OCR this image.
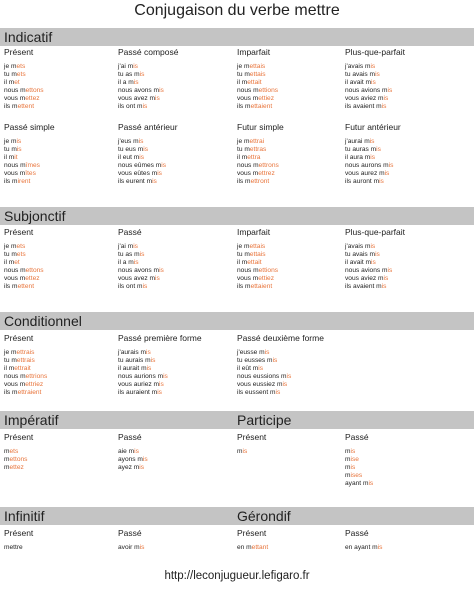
Conjugaison du verbe mettre
Indicatif
Présent
je mets
tu mets
il met
nous mettons
vous mettez
ils mettent
Passé composé
j'ai mis
tu as mis
il a mis
nous avons mis
vous avez mis
ils ont mis
Imparfait
je mettais
tu mettais
il mettait
nous mettions
vous mettiez
ils mettaient
Plus-que-parfait
j'avais mis
tu avais mis
il avait mis
nous avions mis
vous aviez mis
ils avaient mis
Passé simple
je mis
tu mis
il mit
nous mîmes
vous mîtes
ils mirent
Passé antérieur
j'eus mis
tu eus mis
il eut mis
nous eûmes mis
vous eûtes mis
ils eurent mis
Futur simple
je mettrai
tu mettras
il mettra
nous mettrons
vous mettrez
ils mettront
Futur antérieur
j'aurai mis
tu auras mis
il aura mis
nous aurons mis
vous aurez mis
ils auront mis
Subjonctif
Présent
je mets
tu mets
il met
nous mettons
vous mettez
ils mettent
Passé
j'ai mis
tu as mis
il a mis
nous avons mis
vous avez mis
ils ont mis
Imparfait
je mettais
tu mettais
il mettait
nous mettions
vous mettiez
ils mettaient
Plus-que-parfait
j'avais mis
tu avais mis
il avait mis
nous avions mis
vous aviez mis
ils avaient mis
Conditionnel
Présent
je mettrais
tu mettrais
il mettrait
nous mettrions
vous mettriez
ils mettraient
Passé première forme
j'aurais mis
tu aurais mis
il aurait mis
nous aurions mis
vous auriez mis
ils auraient mis
Passé deuxième forme
j'eusse mis
tu eusses mis
il eût mis
nous eussions mis
vous eussiez mis
ils eussent mis
Impératif	Participe
Présent
mets
mettons
mettez
Passé
aie mis
ayons mis
ayez mis
Présent
mis
Passé
mis
mise
mis
mises
ayant mis
Infinitif	Gérondif
Présent
mettre
Passé
avoir mis
Présent
en mettant
Passé
en ayant mis
http://leconjugueur.lefigaro.fr
